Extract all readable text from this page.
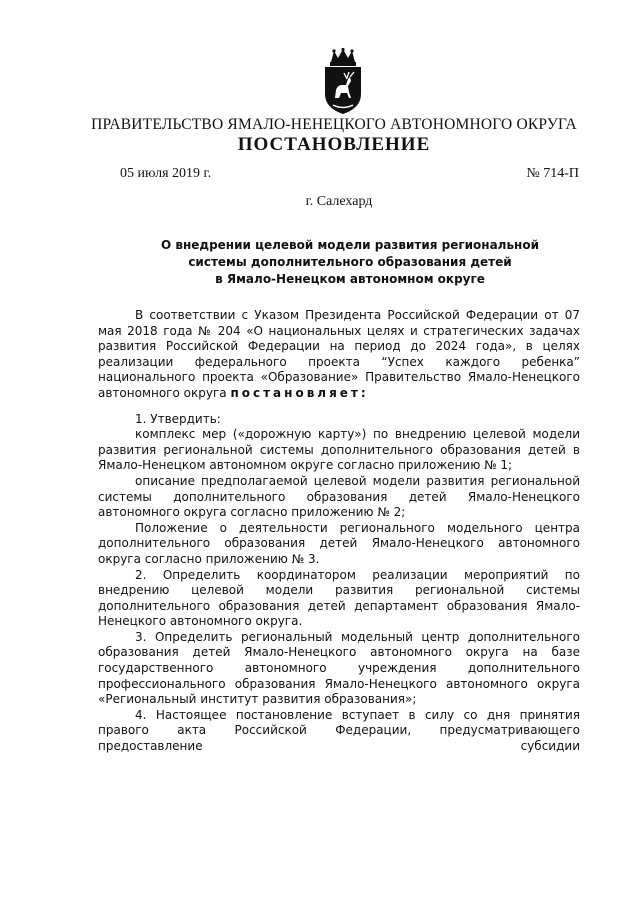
ПРАВИТЕЛЬСТВО ЯМАЛО-НЕНЕЦКОГО АВТОНОМНОГО ОКРУГА
ПОСТАНОВЛЕНИЕ
05 июля 2019 г.	№ 714-П
г. Салехард
О внедрении целевой модели развития региональной
системы дополнительного образования детей
в Ямало-Ненецком автономном округе

В соответствии с Указом Президента Российской Федерации от 07 мая 2018 года № 204 «О национальных целях и стратегических задачах развития Российской Федерации на период до 2024 года», в целях реализации федерального проекта “Успех каждого ребенка” национального проекта «Образование» Правительство Ямало-Ненецкого автономного округа постановляет:

1. Утвердить:

комплекс мер («дорожную карту») по внедрению целевой модели развития региональной системы дополнительного образования детей в Ямало-Ненецком автономном округе согласно приложению № 1;

описание предполагаемой целевой модели развития региональной системы дополнительного образования детей Ямало-Ненецкого автономного округа согласно приложению № 2;

Положение о деятельности регионального модельного центра дополнительного образования детей Ямало-Ненецкого автономного округа согласно приложению № 3.

2. Определить координатором реализации мероприятий по внедрению целевой модели развития региональной системы дополнительного образования детей департамент образования Ямало-Ненецкого автономного округа.

3. Определить региональный модельный центр дополнительного образования детей Ямало-Ненецкого автономного округа на базе государственного автономного учреждения дополнительного профессионального образования Ямало-Ненецкого автономного округа «Региональный институт развития образования»;

4. Настоящее постановление вступает в силу со дня принятия правого акта Российской Федерации, предусматривающего предоставление субсидии
